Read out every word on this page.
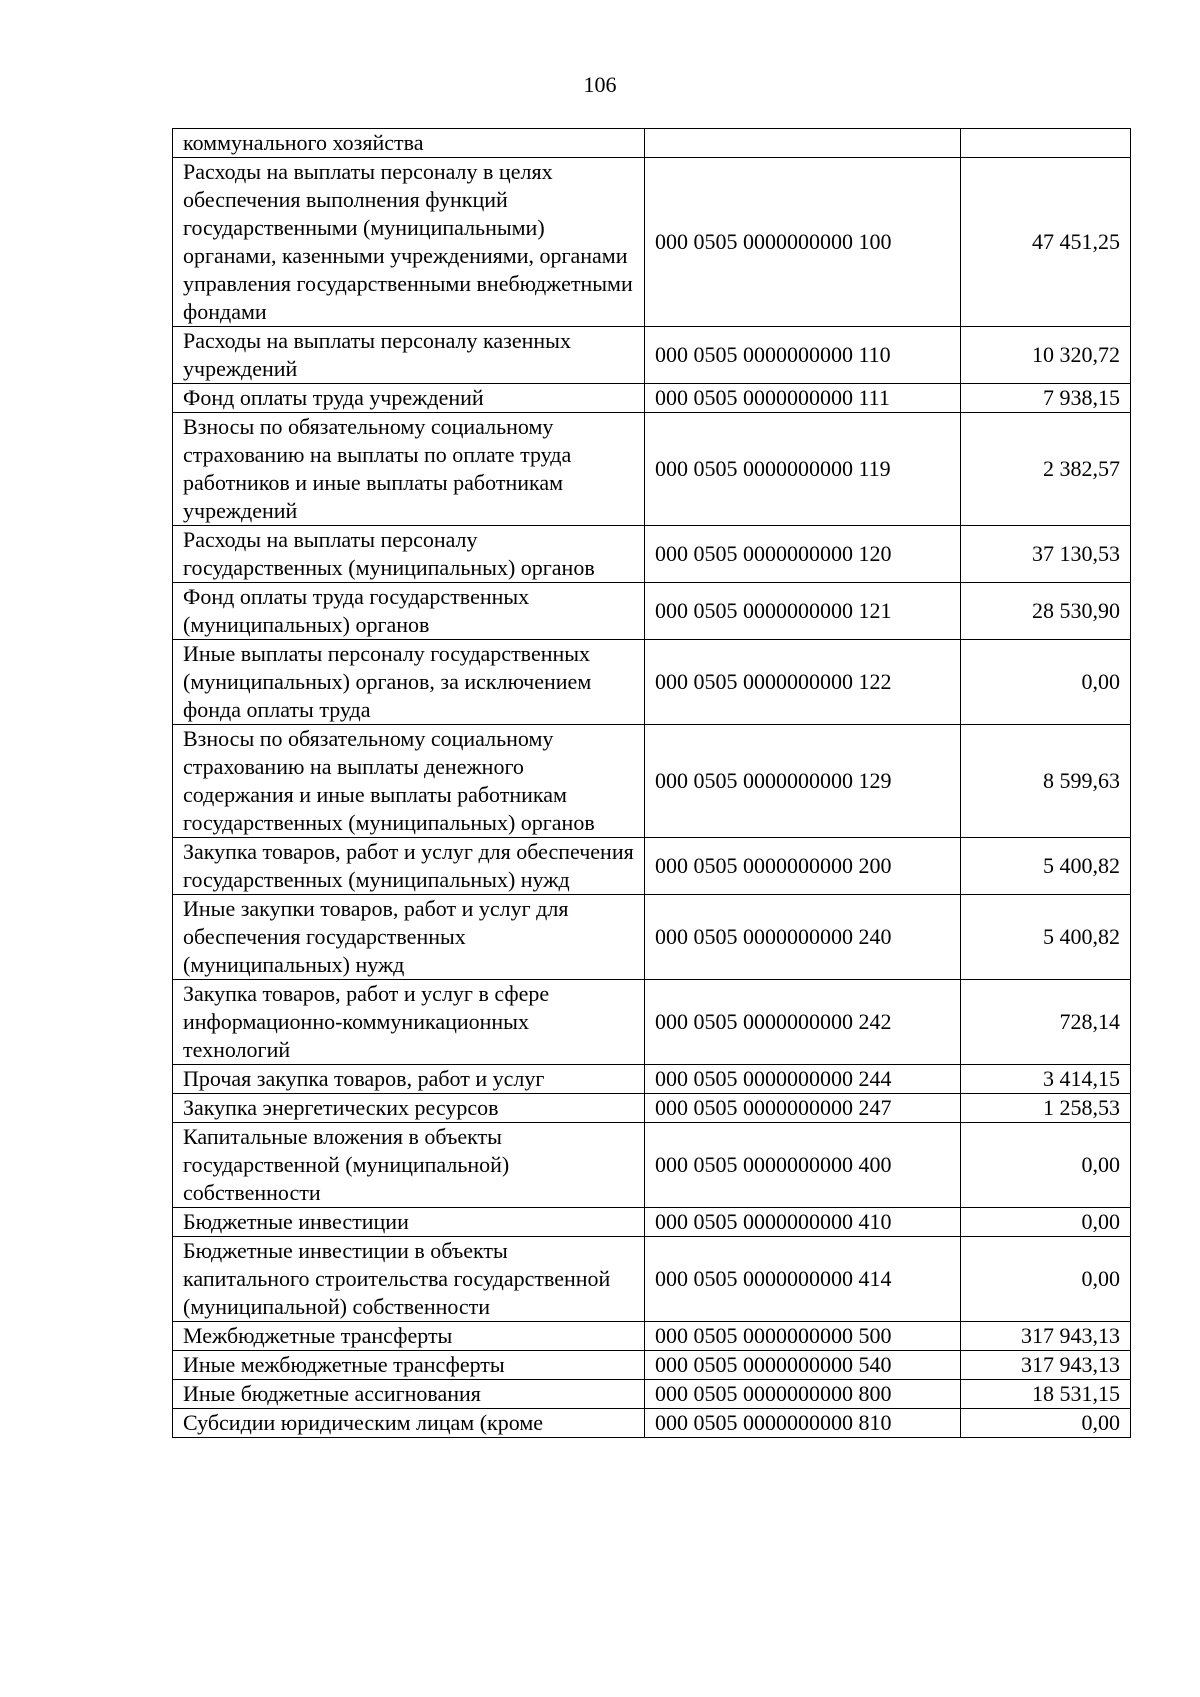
106
коммунального хозяйства		
Расходы на выплаты персоналу в целях обеспечения выполнения функций государственными (муниципальными) органами, казенными учреждениями, органами управления государственными внебюджетными фондами	000 0505 0000000000 100	47 451,25
Расходы на выплаты персоналу казенных учреждений	000 0505 0000000000 110	10 320,72
Фонд оплаты труда учреждений	000 0505 0000000000 111	7 938,15
Взносы по обязательному социальному страхованию на выплаты по оплате труда работников и иные выплаты работникам учреждений	000 0505 0000000000 119	2 382,57
Расходы на выплаты персоналу государственных (муниципальных) органов	000 0505 0000000000 120	37 130,53
Фонд оплаты труда государственных (муниципальных) органов	000 0505 0000000000 121	28 530,90
Иные выплаты персоналу государственных (муниципальных) органов, за исключением фонда оплаты труда	000 0505 0000000000 122	0,00
Взносы по обязательному социальному страхованию на выплаты денежного содержания и иные выплаты работникам государственных (муниципальных) органов	000 0505 0000000000 129	8 599,63
Закупка товаров, работ и услуг для обеспечения государственных (муниципальных) нужд	000 0505 0000000000 200	5 400,82
Иные закупки товаров, работ и услуг для обеспечения государственных (муниципальных) нужд	000 0505 0000000000 240	5 400,82
Закупка товаров, работ и услуг в сфере информационно-коммуникационных технологий	000 0505 0000000000 242	728,14
Прочая закупка товаров, работ и услуг	000 0505 0000000000 244	3 414,15
Закупка энергетических ресурсов	000 0505 0000000000 247	1 258,53
Капитальные вложения в объекты государственной (муниципальной) собственности	000 0505 0000000000 400	0,00
Бюджетные инвестиции	000 0505 0000000000 410	0,00
Бюджетные инвестиции в объекты капитального строительства государственной (муниципальной) собственности	000 0505 0000000000 414	0,00
Межбюджетные трансферты	000 0505 0000000000 500	317 943,13
Иные межбюджетные трансферты	000 0505 0000000000 540	317 943,13
Иные бюджетные ассигнования	000 0505 0000000000 800	18 531,15
Субсидии юридическим лицам (кроме	000 0505 0000000000 810	0,00
